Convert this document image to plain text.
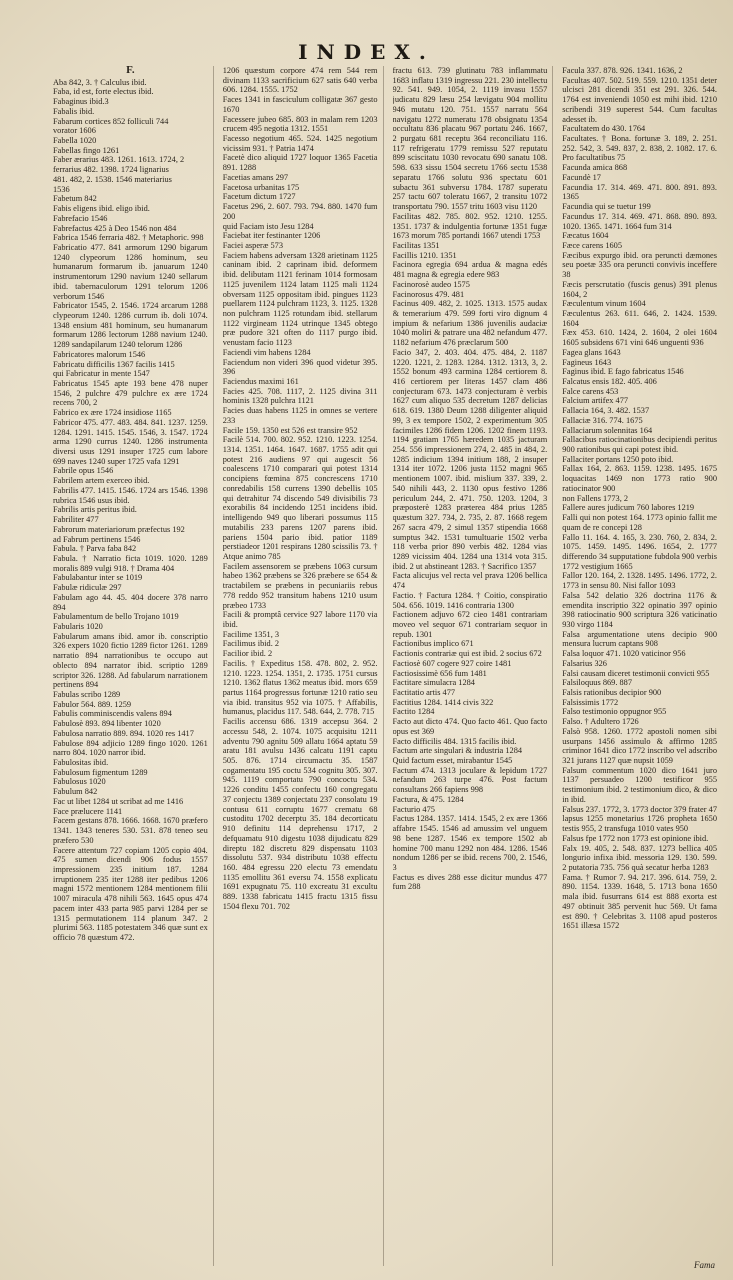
INDEX.
F.
Aba 842, 3. † Calculus ibid.
Faba, id est, forte electus ibid.
Fabaginus ibid.3
Fabalis ibid.
Fabarum cortices 852 folliculi 744
vorator 1606
Fabella 1020
Fabellas fingo 1261
Faber ærarius 483. 1261. 1613. 1724, 2
ferrarius 482. 1398. 1724 lignarius
481. 482, 2. 1538. 1546 materiarius
1536
Fabetum 842
Fabis eligens ibid. eligo ibid.
Fabrefacio 1546
Fabrefactus 425 à Deo 1546 non 484
Fabrica 1546 ferraria 482. † Metaphoric. 998
Fabricatio 477. 841 armorum 1290 bigarum 1240 clypeorum 1286 hominum, seu humanarum formarum ib. januarum 1240 instrumentorum 1290 navium 1240 sellarum ibid. tabernaculorum 1291 telorum 1206 verborum 1546
Fabricator 1545, 2. 1546. 1724 arcarum 1288 clypeorum 1240. 1286 currum ib. doli 1074. 1348 ensium 481 hominum, seu humanarum formarum 1286 lectorum 1288 navium 1240. 1289 sandapilarum 1240 telorum 1286
Fabricatores malorum 1546
Fabricatu difficilis 1367 facilis 1415
qui Fabricatur in mente 1547
Fabricatus 1545 apte 193 bene 478 nuper 1546, 2 pulchre 479 pulchre ex ære 1724 recens 700, 2
Fabrico ex ære 1724 insidiose 1165
Fabricor 475. 477. 483. 484. 841. 1237. 1259. 1284. 1291. 1415. 1545. 1546, 3. 1547. 1724 arma 1290 currus 1240. 1286 instrumenta diversi usus 1291 insuper 1725 cum labore 699 naves 1240 super 1725 vafa 1291
Fabrile opus 1546
Fabrilem artem exerceo ibid.
Fabrilis 477. 1415. 1546. 1724 ars 1546. 1398 rubrica 1546 usus ibid.
Fabrilis artis peritus ibid.
Fabriliter 477
Fabrorum materiariorum præfectus 192
ad Fabrum pertinens 1546
Fabula. † Parva faba 842
Fabula. † Narratio ficta 1019. 1020. 1289 moralis 889 vulgi 918. † Drama 404
Fabulabantur inter se 1019
Fabulæ ridiculæ 297
Fabulam ago 44. 45. 404 docere 378 narro 894
Fabulamentum de bello Trojano 1019
Fabularis 1020
Fabularum amans ibid. amor ib. conscriptio 326 expers 1020 fictio 1289 fictor 1261. 1289 narratio 894 narrationibus te occupo aut oblecto 894 narrator ibid. scriptio 1289 scriptor 326. 1288. Ad fabularum narrationem pertinens 894
Fabulas scribo 1289
Fabulor 564. 889. 1259
Fabulis comminiscendis valens 894
Fabulosè 893. 894 libenter 1020
Fabulosa narratio 889. 894. 1020 res 1417
Fabulose 894 adjicio 1289 fingo 1020. 1261 narro 804. 1020 narror ibid.
Fabulositas ibid.
Fabulosum figmentum 1289
Fabulosus 1020
Fabulum 842
Fac ut libet 1284 ut scribat ad me 1416
Face prælucere 1141
Facem gestans 878. 1666. 1668. 1670 præfero 1341. 1343 teneres 530. 531. 878 teneo seu præfero 530
Facere attentum 727 copiam 1205 copio 404. 475 sumen dicendi 906 fodus 1557 impressionem 235 initium 187. 1284 irruptionem 235 iter 1288 iter pedibus 1206 magni 1572 mentionem 1284 mentionem filii 1007 miracula 478 nihili 563. 1645 opus 474 pacem inter 433 parta 985 parvi 1284 per se 1315 permutationem 114 planum 347. 2 plurimi 563. 1185 potestatem 346 quæ sunt ex officio 78 quæstum 472.
1206 quæstum corpore 474 rem 544 rem divinam 1133 sacrificium 627 satis 640 verba 606. 1284. 1555. 1752
Faces 1341 in fasciculum colligatæ 367 gesto 1670
Facessere jubeo 685. 803 in malam rem 1203 crucem 495 negotia 1312. 1551
Facesso negotium 465. 524. 1425 negotium vicissim 931. † Patria 1474
Facetè dico aliquid 1727 loquor 1365 Facetia 891. 1288
Facetias amans 297
Facetosa urbanitas 175
Facetum dictum 1727
Facetus 296, 2. 607. 793. 794. 880. 1470 fum 200
quid Faciam isto Jesu 1284
Faciebat iter festinanter 1206
Faciei asperæ 573
Faciem habens adversam 1328 arietinam 1125 caninam ibid. 2 caprinam ibid. deformem ibid. delibutam 1121 ferinam 1014 formosam 1125 juvenilem 1124 latam 1125 mali 1124 obversam 1125 oppositam ibid. pingues 1123 puellarem 1124 pulchram 1123, 3. 1125. 1328 non pulchram 1125 rotundam ibid. stellarum 1122 virgineam 1124 utrinque 1345 obtego præ pudore 321 often do 1117 purgo ibid. venustam facio 1123
Faciendi vim habens 1284
Faciendum non videri 396 quod videtur 395. 396
Faciendus maximi 161
Facies 425. 708. 1117, 2. 1125 divina 311 hominis 1328 pulchra 1121
Facies duas habens 1125 in omnes se vertere 233
Facile 159. 1350 est 526 est transire 952
Facilè 514. 700. 802. 952. 1210. 1223. 1254. 1314. 1351. 1464. 1647. 1687. 1755 adit qui potest 216 audiens 97 qui augescit 56 coalescens 1710 comparari qui potest 1314 concipiens fœmina 875 concrescens 1710 conredabilis 158 currens 1390 debellis 105 qui detrahitur 74 discendo 549 divisibilis 73 exorabilis 84 incidendo 1251 incidens ibid. intelligendo 949 quo liberari possumus 115 mutabilis 233 parens 1207 parens ibid. pariens 1504 pario ibid. patior 1189 perstiadeor 1201 respirans 1280 scissilis 73. † Atque animo 785
Facilem assensorem se præbens 1063 cursum habeo 1362 præbens se 326 præbere se 654 & tractabilem se præbens in pecuniariis rebus 778 reddo 952 transitum habens 1210 usum præbeo 1733
Facili & promptâ cervice 927 labore 1170 via ibid.
Facilime 1351, 3
Facilimus ibid. 2
Facilior ibid. 2
Facilis. † Expeditus 158. 478. 802, 2. 952. 1210. 1223. 1254. 1351, 2. 1735. 1751 cursus 1210. 1362 flatus 1362 meatus ibid. mors 659 partus 1164 progressus fortunæ 1210 ratio seu via ibid. transitus 952 via 1075. † Affabilis, humanus, placidus 117. 548. 644, 2. 778. 715
Facilis accensu 686. 1319 accepsu 364. 2 accessu 548, 2. 1074. 1075 acquisitu 1211 adventu 790 agnitu 509 allatu 1664 aptatu 59 aratu 181 avulsu 1436 calcatu 1191 captu 505. 876. 1714 circumactu 35. 1587 cogamentatu 195 coctu 534 cognitu 305. 307. 945. 1119 comportatu 790 concoctu 534. 1226 conditu 1455 confectu 160 congregatu 37 conjectu 1389 conjectatu 237 consolatu 19 contusu 611 corruptu 1677 crematu 68 custoditu 1702 decerptu 35. 184 decorticatu 910 definitu 114 deprehensu 1717, 2 defquamatu 910 digestu 1038 dijudicatu 829 direptu 182 discretu 829 dispensatu 1103 dissolutu 537. 934 distributu 1038 effectu 160. 484 egressu 220 electu 73 emendatu 1135 emollitu 361 eversu 74. 1558 explicatu 1691 expugnatu 75. 110 excreatu 31 excultu 889. 1338 fabricatu 1415 fractu 1315 fissu 1504 flexu 701. 702
fractu 613. 739 glutinatu 783 inflammatu 1683 inflatu 1319 ingressu 221. 230 intellectu 92. 541. 949. 1054, 2. 1119 invasu 1557 judicatu 829 læsu 254 lævigatu 904 mollitu 946 mutatu 120. 751. 1557 narratu 564 navigatu 1272 numeratu 178 obsignatu 1354 occultatu 836 placatu 967 portatu 246. 1667, 2 purgatu 681 receptu 364 reconciliatu 116. 117 refrigeratu 1779 remissu 527 reputatu 899 sciscitatu 1030 revocatu 690 sanatu 108. 598. 633 sissu 1504 secretu 1766 sectu 1538 separatu 1766 solutu 936 spectatu 601 subactu 361 subversu 1784. 1787 superatu 257 tactu 607 toleratu 1667, 2 transitu 1072 transportatu 790. 1557 tritu 1603 visu 1120
Facilitas 482. 785. 802. 952. 1210. 1255. 1351. 1737 & indulgentia fortunæ 1351 fugæ 1673 morum 785 portandi 1667 utendi 1753
Facilitas 1351
Facillis 1210. 1351
Facinora egregia 694 ardua & magna edés 481 magna & egregia edere 983
Facinorosè audeo 1575
Facinorosus 479. 481
Facinus 409. 482, 2. 1025. 1313. 1575 audax & temerarium 479. 599 forti viro dignum 4 impium & nefarium 1386 juvenilis audaciæ 1040 moliri & patrare una 482 nefandum 477. 1182 nefarium 476 præclarum 500
Facio 347, 2. 403. 404. 475. 484, 2. 1187 1220. 1221, 2. 1283. 1284. 1312. 1313, 3, 2. 1552 bonum 493 carmina 1284 certiorem 8. 416 certiorem per literas 1457 clam 486 conjecturam 673. 1473 conjecturam è verbis 1627 cum aliquo 535 decretum 1287 delicias 618. 619. 1380 Deum 1288 diligenter aliquid 99, 3 ex tempore 1502, 2 experimentum 305 facimiles 1286 fidem 1206. 1202 finem 1193. 1194 gratiam 1765 hæredem 1035 jacturam 254. 556 impressionem 274, 2. 485 in 484, 2. 1285 indicium 1394 initium 188, 2 insuper 1314 iter 1072. 1206 justa 1152 magni 965 mentionem 1007. ibid. mislium 337. 339, 2. 540 nihili 443, 2. 1130 opus festivo 1286 periculum 244, 2. 471. 750. 1203. 1204, 3 præposterè 1283 præterea 484 prius 1285 quæstum 327. 734, 2. 735, 2. 87. 1668 regem 267 sacra 479, 2 simul 1357 stipendia 1668 sumptus 342. 1531 tumultuarie 1502 verba 118 verba prior 890 verbis 482. 1284 vias 1289 vicissim 404. 1284 una 1314 vota 315. ibid. 2 ut abstineant 1283. † Sacrifico 1357
Facta alicujus vel recta vel prava 1206 bellica 474
Factio. † Factura 1284. † Coitio, conspiratio 504. 656. 1019. 1416 contraria 1300
Factionem adjuvo 672 cieo 1481 contrariam moveo vel sequor 671 contrariam sequor in repub. 1301
Factionibus implico 671
Factionis contrariæ qui est ibid. 2 socius 672
Factiosè 607 cogere 927 coire 1481
Factiosissimè 656 fum 1481
Factitare simulacra 1284
Factitatio artis 477
Factitius 1284. 1414 civis 322
Factito 1284
Facto aut dicto 474. Quo facto 461. Quo facto opus est 369
Facto difficilis 484. 1315 facilis ibid.
Factum arte singulari & industria 1284
Quid factum esset, mirabantur 1545
Factum 474. 1313 jocularе & lepidum 1727 nefandum 263 turpe 476. Post factum consultans 266 fapiens 998
Factura, & 475. 1284
Facturio 475
Factus 1284. 1357. 1414. 1545, 2 ex ære 1366 affabre 1545. 1546 ad amussim vel unguem 98 bene 1287. 1546 ex tempore 1502 ab homine 700 manu 1292 non 484. 1286. 1546 nondum 1286 per se ibid. recens 700, 2. 1546, 3
Factus es dives 288 esse dicitur mundus 477 fum 288
Facula 337. 878. 926. 1341. 1636, 2
Facultas 407. 502. 519. 559. 1210. 1351 deter ulcisci 281 dicendi 351 est 291. 326. 544. 1764 est inveniendi 1050 est mihi ibid. 1210 scribendi 319 superest 544. Cum facultas adesset ib.
Facultatem do 430. 1764
Facultates. † Bona. fortunæ 3. 189, 2. 251. 252. 542, 3. 549. 837, 2. 838, 2. 1082. 17. 6. Pro facultatibus 75
Facunda amica 868
Facundè 17
Facundia 17. 314. 469. 471. 800. 891. 893. 1365
Facundia qui se tuetur 199
Facundus 17. 314. 469. 471. 868. 890. 893. 1020. 1365. 1471. 1664 fum 314
Fæcatus 1604
Fæce carens 1605
Fæcibus expurgo ibid. ora peruncti dæmones seu poetæ 335 ora peruncti convivis inceffere 38
Fæcis perscrutatio (fuscis genus) 391 plenus 1604, 2
Fæculentum vinum 1604
Fæculentus 263. 611. 646, 2. 1424. 1539. 1604
Fæx 453. 610. 1424, 2. 1604, 2 olei 1604 1605 subsidens 671 vini 646 unguenti 936
Fagea glans 1643
Fagineus 1643
Faginus ibid. E fago fabricatus 1546
Falcatus ensis 182. 405. 406
Falce carens 453
Falcium artifex 477
Fallacia 164, 3. 482. 1537
Fallaciæ 316. 774. 1675
Fallaciarum solennitas 164
Fallacibus ratiocinationibus decipiendi peritus 900 rationibus qui capi potest ibid.
Fallaciter portans 1250 poto ibid.
Fallax 164, 2. 863. 1159. 1238. 1495. 1675 loquacitas 1469 non 1773 ratio 900 ratiocinator 900
non Fallens 1773, 2
Fallere aures judicum 760 labores 1219
Falli qui non potest 164. 1773 opinio fallit me quam de re concepi 128
Fallo 11. 164. 4. 165, 3. 230. 760, 2. 834, 2. 1075. 1459. 1495. 1496. 1654, 2. 1777 differendo 34 supputatione fubdola 900 verbis 1772 vestigium 1665
Fallor 120. 164, 2. 1328. 1495. 1496. 1772, 2. 1773 in sensu 80. Nisi fallor 1093
Falsa 542 delatio 326 doctrina 1176 & emendita inscriptio 322 opinatio 397 opinio 398 ratiocinatio 900 scriptura 326 vaticinatio 930 virgo 1184
Falsa argumentatione utens decipio 900 mensura lucrum captans 908
Falsa loquor 471. 1020 vaticinor 956
Falsarius 326
Falsi causam diceret testimonii convicti 955
Falsiloquus 869. 887
Falsis rationibus decipior 900
Falsissimis 1772
Falso testimonio oppugnor 955
Falso. † Adultero 1726
Falsò 958. 1260. 1772 apostoli nomen sibi usurpans 1456 assimulo & affirmo 1285 criminor 1641 dico 1772 inscribo vel adscribo 321 jurans 1127 quæ nupsit 1059
Falsum commentum 1020 dico 1641 juro 1137 persuadeo 1200 testificor 955 testimonium ibid. 2 testimonium dico, & dico in ibid.
Falsus 237. 1772, 3. 1773 doctor 379 frater 47 lapsus 1255 monetarius 1726 propheta 1650 testis 955, 2 transfuga 1010 vates 950
Falsus fpe 1772 non 1773 est opinione ibid.
Falx 19. 405, 2. 548. 837. 1273 bellica 405 longurio infixa ibid. messoria 129. 130. 599. 2 putatoria 735. 756 quà secatur herba 1283
Fama. † Rumor 7. 94. 217. 396. 614. 759, 2. 890. 1154. 1339. 1648, 5. 1713 bona 1650 mala ibid. fusurrans 614 est 888 exorta est 497 obtinuit 385 pervenit huc 569. Ut fama est 890. † Celebritas 3. 1108 apud posteros 1651 illæsa 1572
Fama
